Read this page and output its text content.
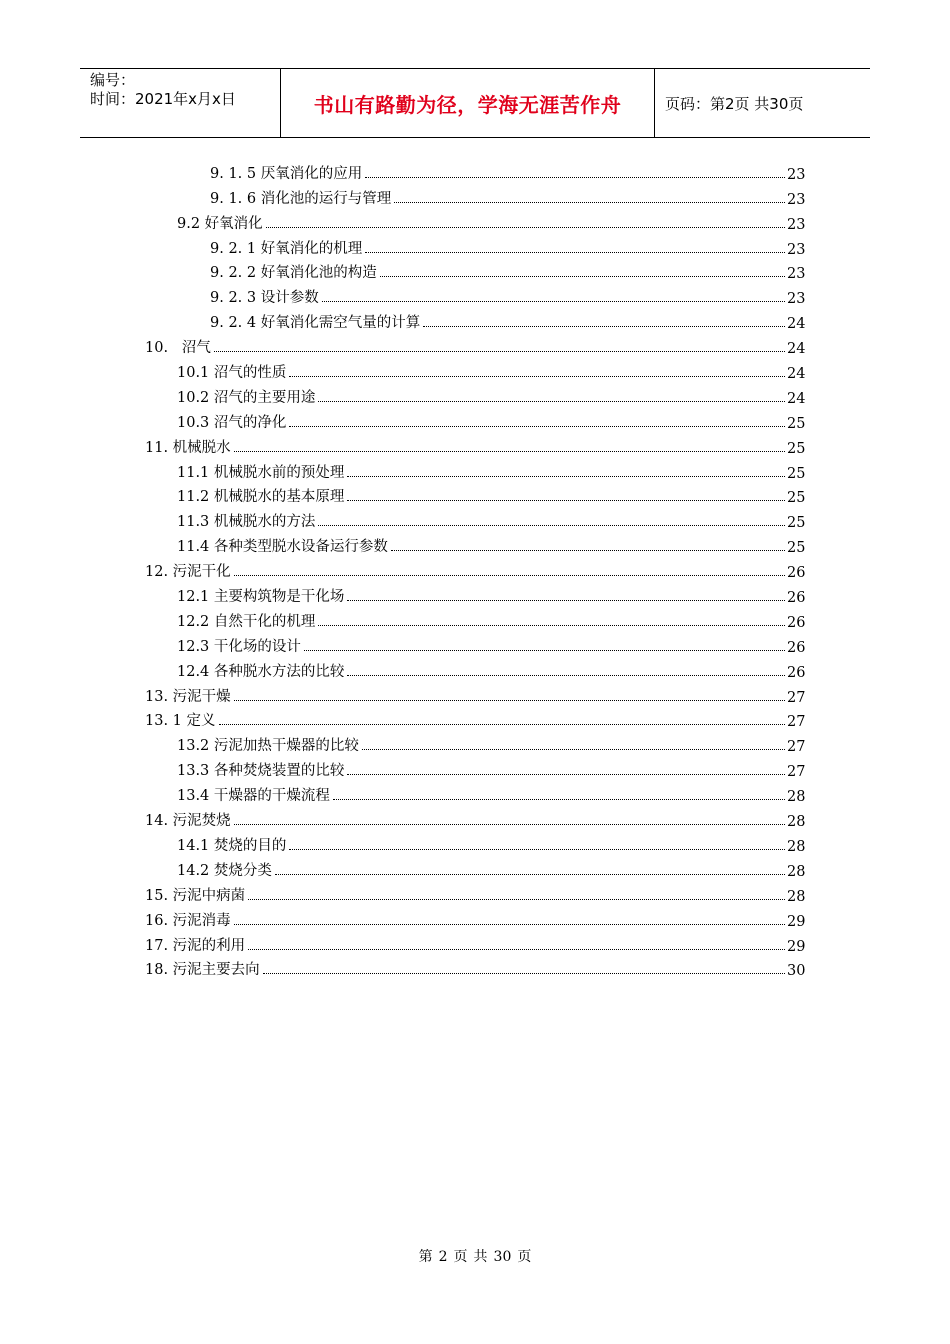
编号：
时间：2021年x月x日	书山有路勤为径，学海无涯苦作舟	页码：第2页 共30页
9. 1. 5 厌氧消化的应用	23
9. 1. 6 消化池的运行与管理	23
9.2 好氧消化	23
9. 2. 1 好氧消化的机理	23
9. 2. 2 好氧消化池的构造	23
9. 2. 3 设计参数	23
9. 2. 4 好氧消化需空气量的计算	24
10.   沼气	24
10.1 沼气的性质	24
10.2 沼气的主要用途	24
10.3 沼气的净化	25
11. 机械脱水	25
11.1 机械脱水前的预处理	25
11.2 机械脱水的基本原理	25
11.3 机械脱水的方法	25
11.4 各种类型脱水设备运行参数	25
12. 污泥干化	26
12.1 主要构筑物是干化场	26
12.2 自然干化的机理	26
12.3 干化场的设计	26
12.4 各种脱水方法的比较	26
13. 污泥干燥	27
13. 1 定义	27
13.2 污泥加热干燥器的比较	27
13.3 各种焚烧装置的比较	27
13.4 干燥器的干燥流程	28
14. 污泥焚烧	28
14.1 焚烧的目的	28
14.2 焚烧分类	28
15. 污泥中病菌	28
16. 污泥消毒	29
17. 污泥的利用	29
18. 污泥主要去向	30
第 2 页 共 30 页
